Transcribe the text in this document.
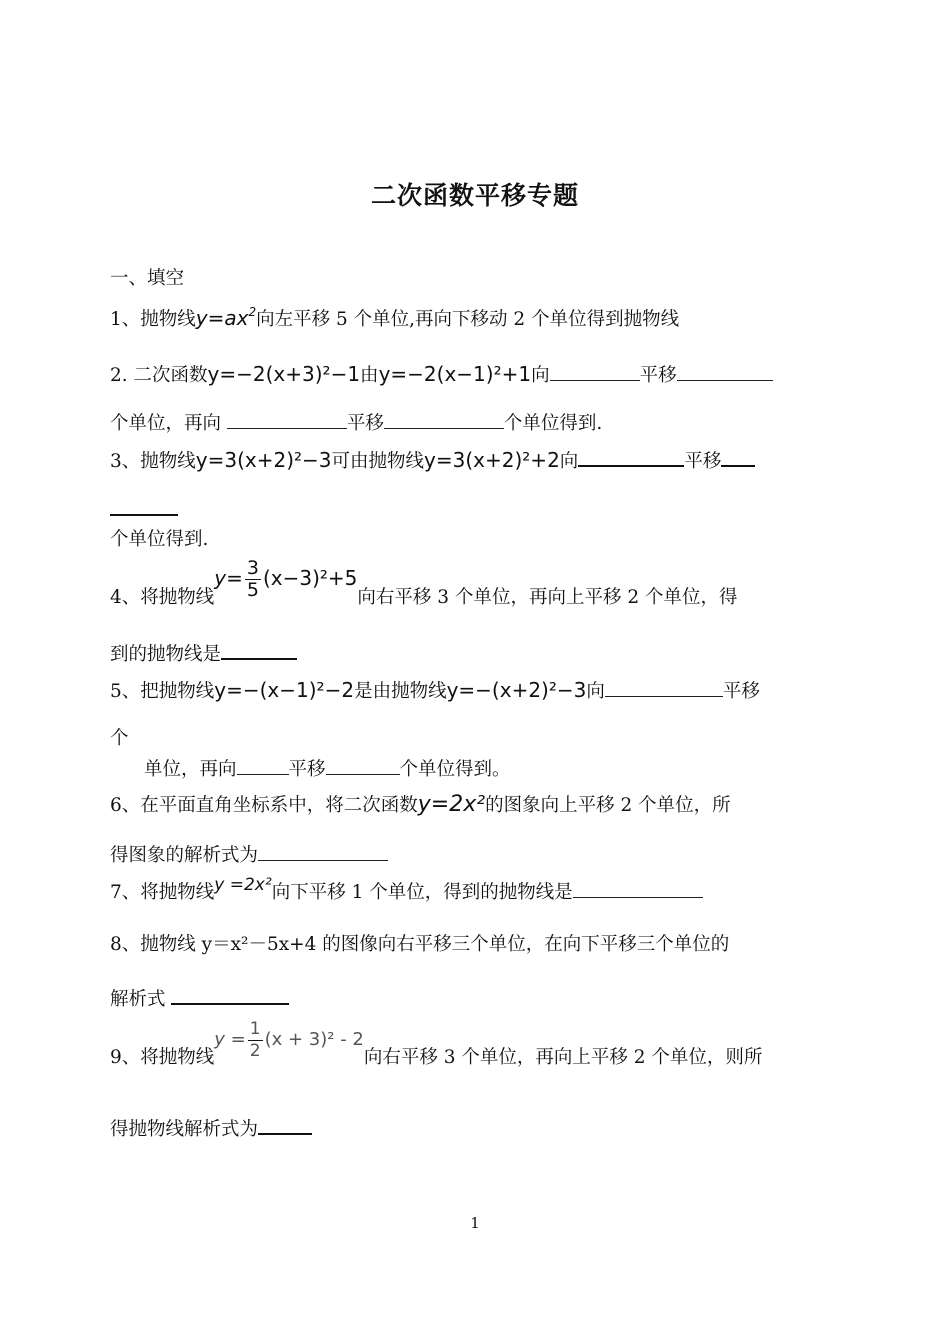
二次函数平移专题
一、填空
1、抛物线$y=ax^2$向左平移 5 个单位,再向下移动 2 个单位得到抛物线
2. 二次函数y=−2(x+3)²−1由y=−2(x−1)²+1向	平移
个单位，再向	平移	个单位得到.
3、抛物线y=3(x+2)²−3可由抛物线y=3(x+2)²+2向	平移
个单位得到.
4、将抛物线$y= \frac{3}{5} (x-3)^2+5$向右平移 3 个单位，再向上平移 2 个单位，得
到的抛物线是
5、把抛物线y=−(x−1)²−2是由抛物线y=−(x+2)²−3向	平移
个
单位，再向	平移	个单位得到。
6、在平面直角坐标系中，将二次函数y=2x²的图象向上平移 2 个单位，所
得图象的解析式为
7、将抛物线y =2x²向下平移 1 个单位，得到的抛物线是
8、抛物线 y＝x²－5x+4 的图像向右平移三个单位，在向下平移三个单位的
解析式
9、将抛物线$y = \frac{1}{2} (x + 3)^2 - 2$向右平移 3 个单位，再向上平移 2 个单位，则所
得抛物线解析式为
1
